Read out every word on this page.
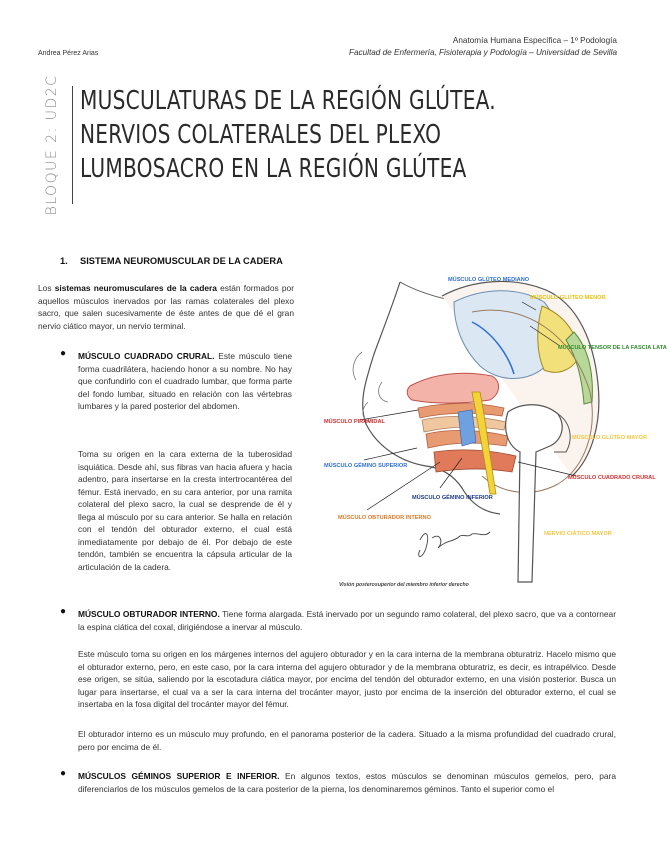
Anatomía Humana Específica – 1º Podología
Facultad de Enfermería, Fisioterapia y Podología – Universidad de Sevilla
Andrea Pérez Arias
BLOQUE 2: UD2C MUSCULATURAS DE LA REGIÓN GLÚTEA.
NERVIOS COLATERALES DEL PLEXO
LUMBOSACRO EN LA REGIÓN GLÚTEA
1. SISTEMA NEUROMUSCULAR DE LA CADERA
Los sistemas neuromusculares de la cadera están formados por aquellos músculos inervados por las ramas colaterales del plexo sacro, que salen sucesivamente de éste antes de que dé el gran nervio ciático mayor, un nervio terminal.
● MÚSCULO CUADRADO CRURAL. Este músculo tiene forma cuadrilátera, haciendo honor a su nombre. No hay que confundirlo con el cuadrado lumbar, que forma parte del fondo lumbar, situado en relación con las vértebras lumbares y la pared posterior del abdomen.
Toma su origen en la cara externa de la tuberosidad isquiática. Desde ahí, sus fibras van hacia afuera y hacia adentro, para insertarse en la cresta intertrocantérea del fémur. Está inervado, en su cara anterior, por una ramita colateral del plexo sacro, la cual se desprende de él y llega al músculo por su cara anterior. Se halla en relación con el tendón del obturador externo, el cual está inmediatamente por debajo de él. Por debajo de este tendón, también se encuentra la cápsula articular de la articulación de la cadera.
MÚSCULO GLÚTEO MEDIANO
MÚSCULO GLÚTEO MENOR
MÚSCULO TENSOR DE LA FASCIA LATA
MÚSCULO PIRAMIDAL
MÚSCULO GLÚTEO MAYOR
MÚSCULO GÉMINO SUPERIOR
MÚSCULO CUADRADO CRURAL
MÚSCULO GÉMINO INFERIOR
MÚSCULO OBTURADOR INTERNO
NERVIO CIÁTICO MAYOR
Visión posterosuperior del miembro inferior derecho
● MÚSCULO OBTURADOR INTERNO. Tiene forma alargada. Está inervado por un segundo ramo colateral, del plexo sacro, que va a contornear la espina ciática del coxal, dirigiéndose a inervar al músculo.
Este músculo toma su origen en los márgenes internos del agujero obturador y en la cara interna de la membrana obturatriz. Hacelo mismo que el obturador externo, pero, en este caso, por la cara interna del agujero obturador y de la membrana obturatriz, es decir, es intrapélvico. Desde ese origen, se sitúa, saliendo por la escotadura ciática mayor, por encima del tendón del obturador externo, en una visión posterior. Busca un lugar para insertarse, el cual va a ser la cara interna del trocánter mayor, justo por encima de la inserción del obturador externo, el cual se insertaba en la fosa digital del trocánter mayor del fémur.
El obturador interno es un músculo muy profundo, en el panorama posterior de la cadera. Situado a la misma profundidad del cuadrado crural, pero por encima de él.
● MÚSCULOS GÉMINOS SUPERIOR E INFERIOR. En algunos textos, estos músculos se denominan músculos gemelos, pero, para diferenciarlos de los músculos gemelos de la cara posterior de la pierna, los denominaremos géminos. Tanto el superior como el
